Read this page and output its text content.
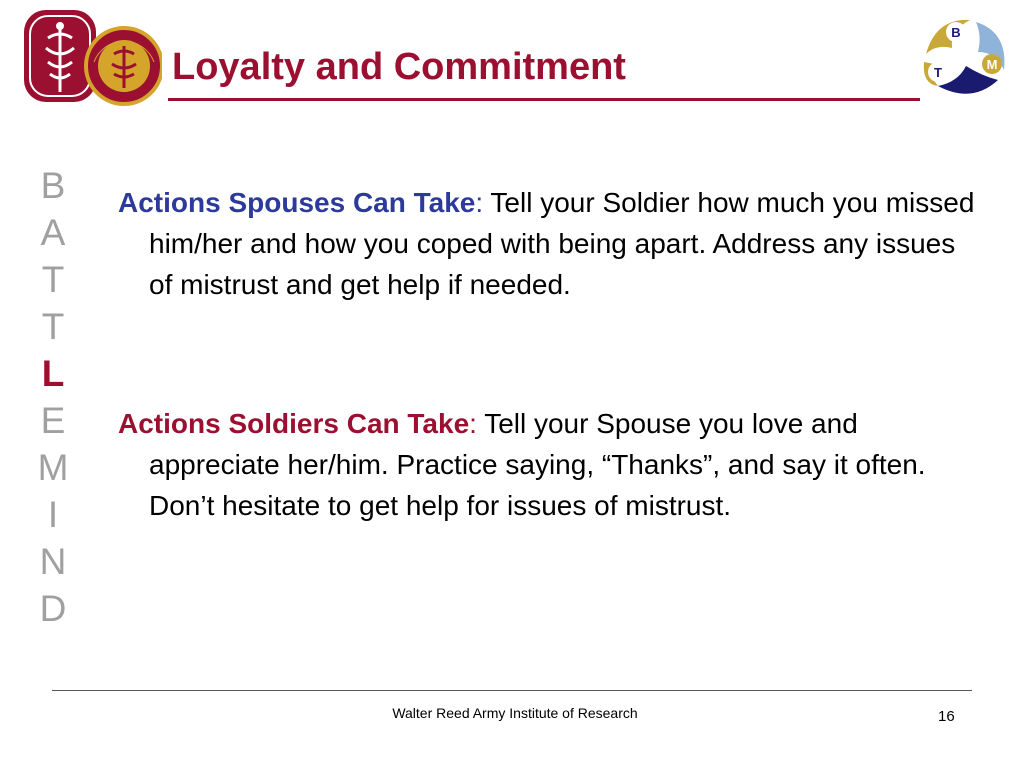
Loyalty and Commitment
B
T
M
B
A
T
T
L
E
M
I
N
D
Actions Spouses Can Take: Tell your Soldier how much you missed him/her and how you coped with being apart. Address any issues of mistrust and get help if needed.
Actions Soldiers Can Take: Tell your Spouse you love and appreciate her/him. Practice saying, “Thanks”, and say it often. Don’t hesitate to get help for issues of mistrust.
Walter Reed Army Institute of Research	16
